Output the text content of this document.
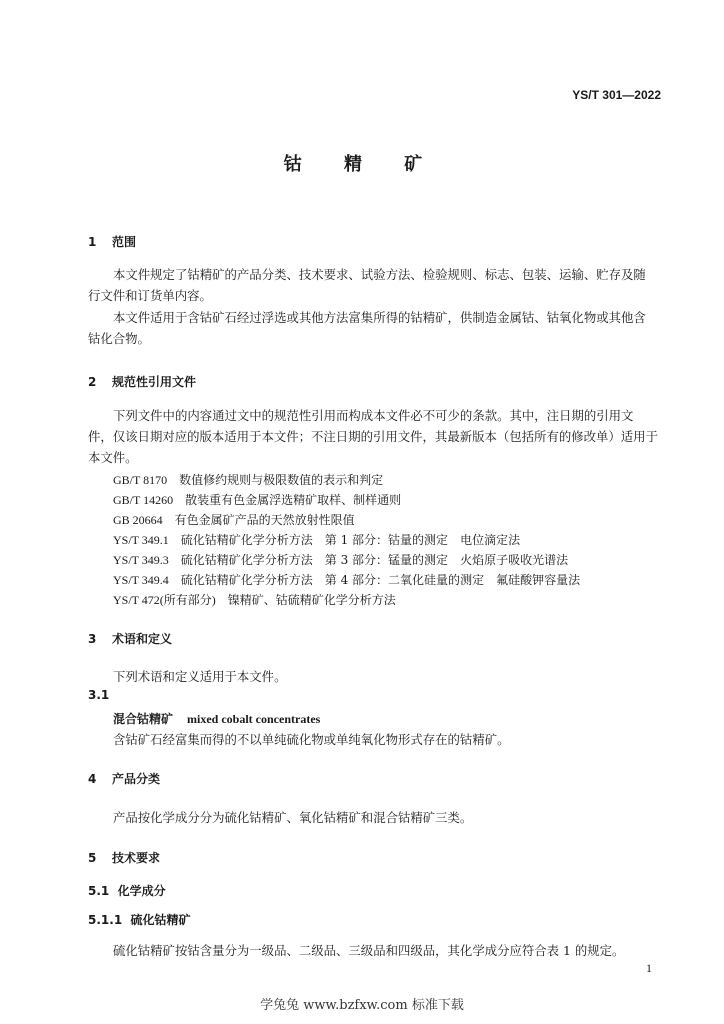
YS/T 301—2022
钴 精 矿
1 范围
本文件规定了钴精矿的产品分类、技术要求、试验方法、检验规则、标志、包装、运输、贮存及随行文件和订货单内容。
本文件适用于含钴矿石经过浮选或其他方法富集所得的钴精矿，供制造金属钴、钴氧化物或其他含钴化合物。
2 规范性引用文件
下列文件中的内容通过文中的规范性引用而构成本文件必不可少的条款。其中，注日期的引用文件，仅该日期对应的版本适用于本文件；不注日期的引用文件，其最新版本（包括所有的修改单）适用于本文件。
GB/T 8170 数值修约规则与极限数值的表示和判定
GB/T 14260 散装重有色金属浮选精矿取样、制样通则
GB 20664 有色金属矿产品的天然放射性限值
YS/T 349.1 硫化钴精矿化学分析方法　第 1 部分：钴量的测定　电位滴定法
YS/T 349.3 硫化钴精矿化学分析方法　第 3 部分：锰量的测定　火焰原子吸收光谱法
YS/T 349.4 硫化钴精矿化学分析方法　第 4 部分：二氧化硅量的测定　氟硅酸钾容量法
YS/T 472(所有部分) 镍精矿、钴硫精矿化学分析方法
3 术语和定义
下列术语和定义适用于本文件。
3.1
混合钴精矿 mixed cobalt concentrates
含钴矿石经富集而得的不以单纯硫化物或单纯氧化物形式存在的钴精矿。
4 产品分类
产品按化学成分分为硫化钴精矿、氧化钴精矿和混合钴精矿三类。
5 技术要求
5.1 化学成分
5.1.1 硫化钴精矿
硫化钴精矿按钴含量分为一级品、二级品、三级品和四级品，其化学成分应符合表 1 的规定。
1
学兔兔 www.bzfxw.com 标准下载
